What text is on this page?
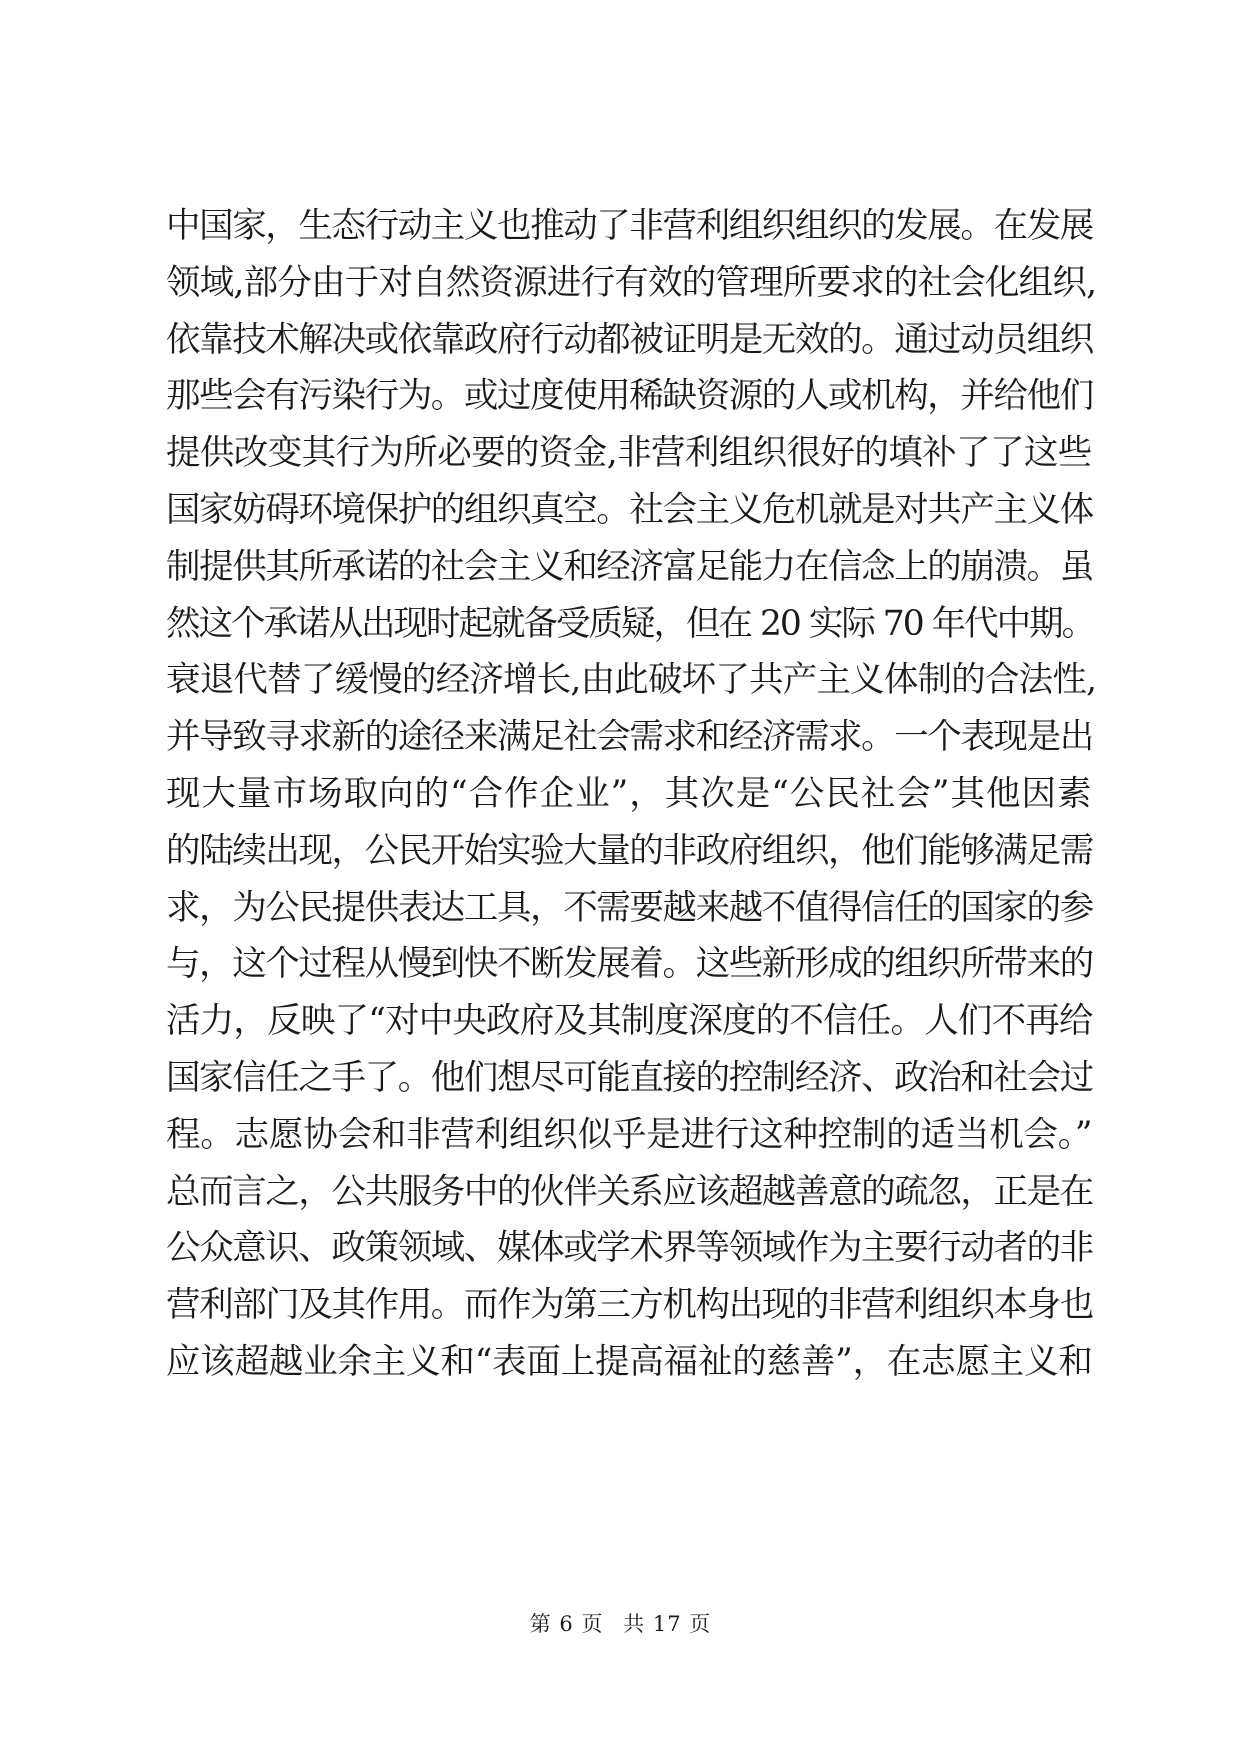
中国家，生态行动主义也推动了非营利组织组织的发展。在发展
领域,部分由于对自然资源进行有效的管理所要求的社会化组织,
依靠技术解决或依靠政府行动都被证明是无效的。通过动员组织
那些会有污染行为。或过度使用稀缺资源的人或机构，并给他们
提供改变其行为所必要的资金,非营利组织很好的填补了了这些
国家妨碍环境保护的组织真空。社会主义危机就是对共产主义体
制提供其所承诺的社会主义和经济富足能力在信念上的崩溃。虽
然这个承诺从出现时起就备受质疑，但在 20 实际 70 年代中期。
衰退代替了缓慢的经济增长,由此破坏了共产主义体制的合法性,
并导致寻求新的途径来满足社会需求和经济需求。一个表现是出
现大量市场取向的“合作企业”，其次是“公民社会”其他因素
的陆续出现，公民开始实验大量的非政府组织，他们能够满足需
求，为公民提供表达工具，不需要越来越不值得信任的国家的参
与，这个过程从慢到快不断发展着。这些新形成的组织所带来的
活力，反映了“对中央政府及其制度深度的不信任。人们不再给
国家信任之手了。他们想尽可能直接的控制经济、政治和社会过
程。志愿协会和非营利组织似乎是进行这种控制的适当机会。”
总而言之，公共服务中的伙伴关系应该超越善意的疏忽，正是在
公众意识、政策领域、媒体或学术界等领域作为主要行动者的非
营利部门及其作用。而作为第三方机构出现的非营利组织本身也
应该超越业余主义和“表面上提高福祉的慈善”，在志愿主义和
第 6 页 共 17 页
